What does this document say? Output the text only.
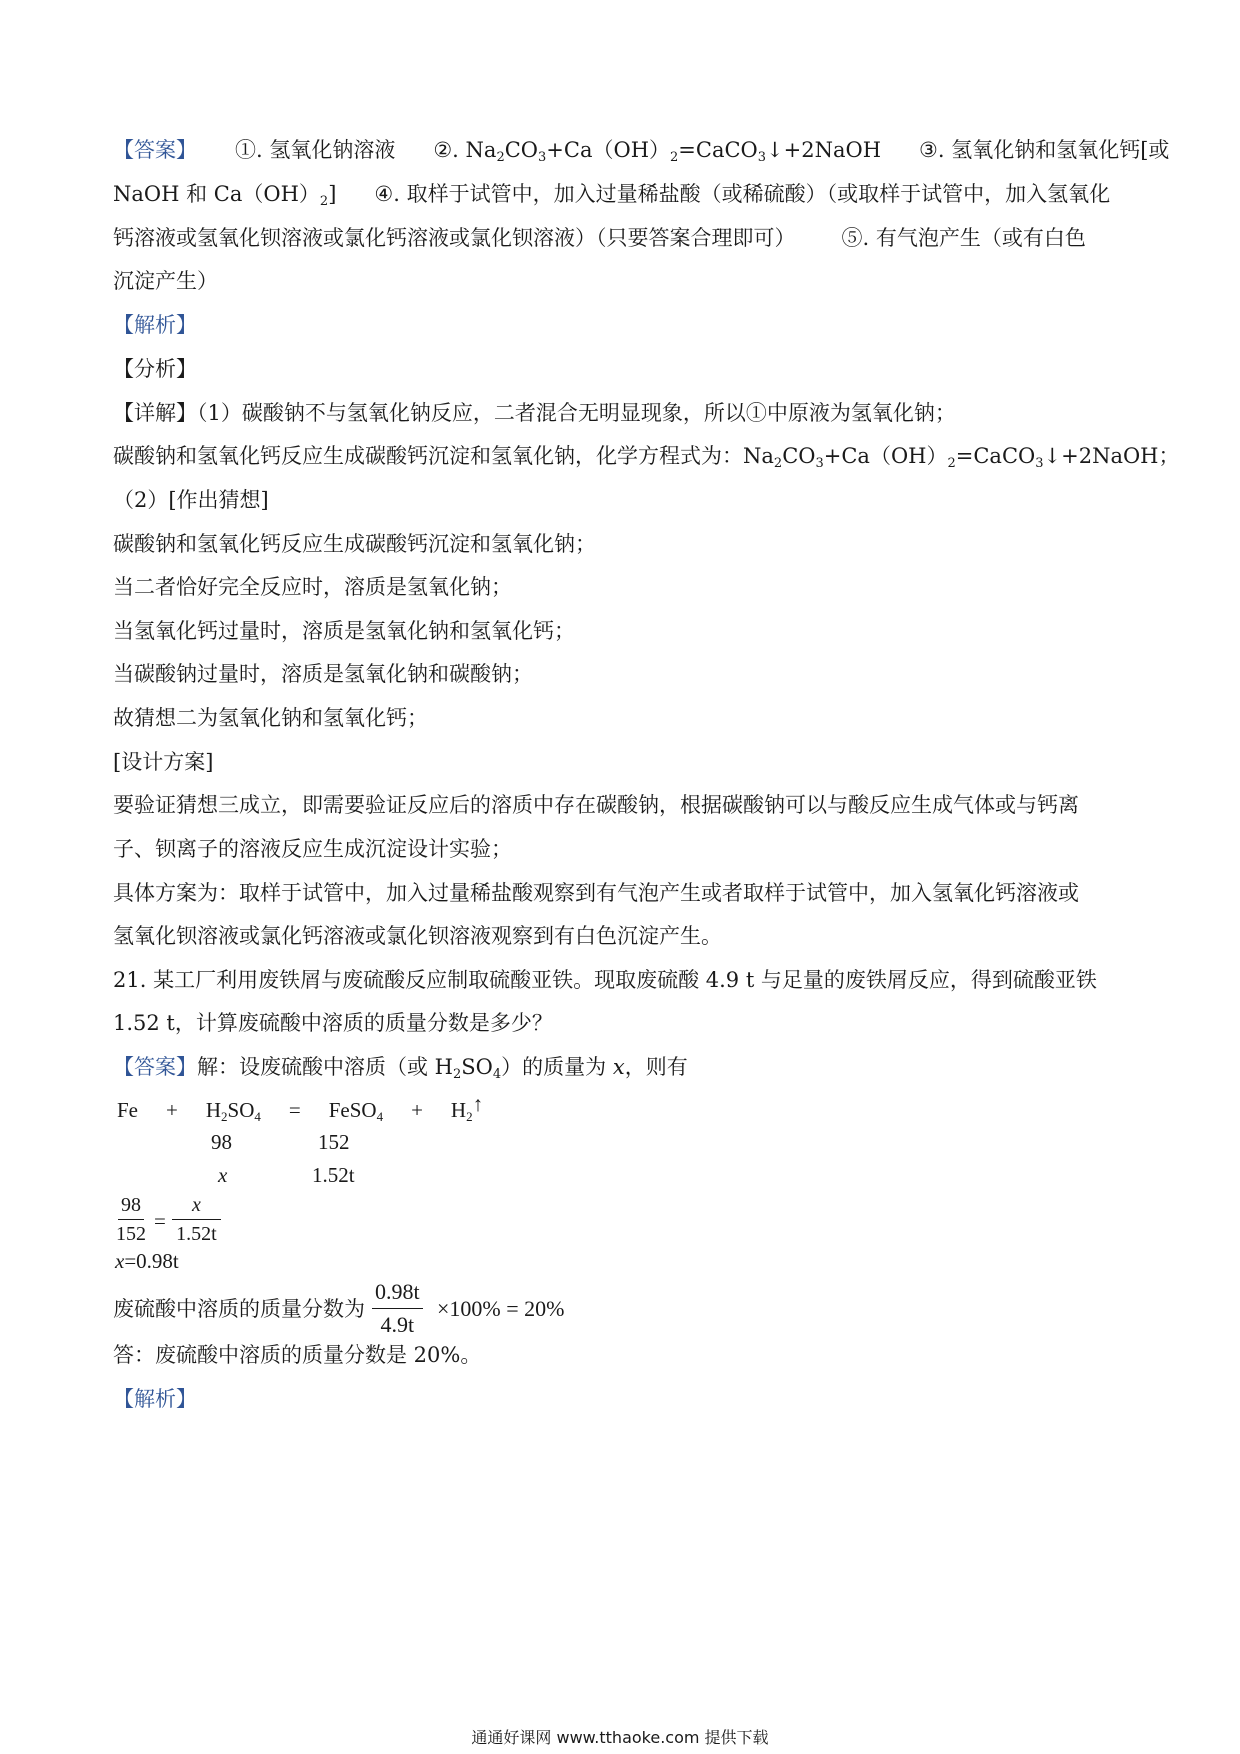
【答案】 ①. 氢氧化钠溶液 ②. $Na_2CO_3+Ca(OH)_2=CaCO_3↓+2NaOH$ ③. 氢氧化钠和氢氧化钙[或
NaOH 和 $Ca(OH)_2$] ④. 取样于试管中，加入过量稀盐酸（或稀硫酸）（或取样于试管中，加入氢氧化
钙溶液或氢氧化钡溶液或氯化钙溶液或氯化钡溶液）（只要答案合理即可） ⑤. 有气泡产生（或有白色
沉淀产生）
【解析】
【分析】
【详解】（1）碳酸钠不与氢氧化钠反应，二者混合无明显现象，所以①中原液为氢氧化钠；
碳酸钠和氢氧化钙反应生成碳酸钙沉淀和氢氧化钠，化学方程式为：$Na_2CO_3+Ca(OH)_2=CaCO_3↓+2NaOH$；
（2）[作出猜想]
碳酸钠和氢氧化钙反应生成碳酸钙沉淀和氢氧化钠；
当二者恰好完全反应时，溶质是氢氧化钠；
当氢氧化钙过量时，溶质是氢氧化钠和氢氧化钙；
当碳酸钠过量时，溶质是氢氧化钠和碳酸钠；
故猜想二为氢氧化钠和氢氧化钙；
[设计方案]
要验证猜想三成立，即需要验证反应后的溶质中存在碳酸钠，根据碳酸钠可以与酸反应生成气体或与钙离
子、钡离子的溶液反应生成沉淀设计实验；
具体方案为：取样于试管中，加入过量稀盐酸观察到有气泡产生或者取样于试管中，加入氢氧化钙溶液或
氢氧化钡溶液或氯化钙溶液或氯化钡溶液观察到有白色沉淀产生。
21. 某工厂利用废铁屑与废硫酸反应制取硫酸亚铁。现取废硫酸 4.9 t 与足量的废铁屑反应，得到硫酸亚铁
1.52 t，计算废硫酸中溶质的质量分数是多少？
【答案】解：设废硫酸中溶质（或 $H_2SO_4$）的质量为 x，则有
$Fe + H_2SO_4$ = FeSO$_4$ + $H_2↑$
98	152
x	1.52t
$\frac{98}{152} = \frac{x}{1.52t}$
x=0.98t
废硫酸中溶质的质量分数为 $\frac{0.98t}{4.9t} \times 100\% = 20\%$
答：废硫酸中溶质的质量分数是 20%。
【解析】
通通好课网 www.tthaoke.com 提供下载
